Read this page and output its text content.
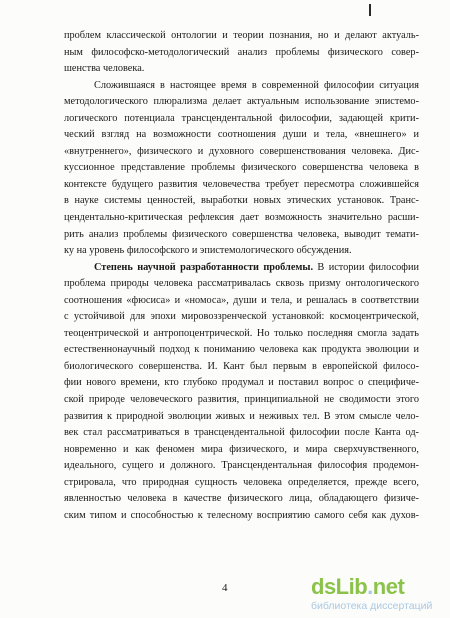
проблем классической онтологии и теории познания, но и делают актуаль-
ным философско-методологический анализ проблемы физического совер-
шенства человека.
Сложившаяся в настоящее время в современной философии ситуация
методологического плюрализма делает актуальным использование эпистемо-
логического потенциала трансцендентальной философии, задающей крити-
ческий взгляд на возможности соотношения души и тела, «внешнего» и
«внутреннего», физического и духовного совершенствования человека. Дис-
куссионное представление проблемы физического совершенства человека в
контексте будущего развития человечества требует пересмотра сложившейся
в науке системы ценностей, выработки новых этических установок. Транс-
цендентально-критическая рефлексия дает возможность значительно расши-
рить анализ проблемы физического совершенства человека, выводит темати-
ку на уровень философского и эпистемологического обсуждения.
Степень научной разработанности проблемы. В истории философии
проблема природы человека рассматривалась сквозь призму онтологического
соотношения «фюсиса» и «номоса», души и тела, и решалась в соответствии
с устойчивой для эпохи мировоззренческой установкой: космоцентрической,
теоцентрической и антропоцентрической. Но только последняя смогла задать
естественнонаучный подход к пониманию человека как продукта эволюции и
биологического совершенства. И. Кант был первым в европейской филосо-
фии нового времени, кто глубоко продумал и поставил вопрос о специфиче-
ской природе человеческого развития, принципиальной не сводимости этого
развития к природной эволюции живых и неживых тел. В этом смысле чело-
век стал рассматриваться в трансцендентальной философии после Канта од-
новременно и как феномен мира физического, и мира сверхчувственного,
идеального, сущего и должного. Трансцендентальная философия продемон-
стрировала, что природная сущность человека определяется, прежде всего,
явленностью человека в качестве физического лица, обладающего физиче-
ским типом и способностью к телесному восприятию самого себя как духов-
4	dsLib.net
библиотека диссертаций
